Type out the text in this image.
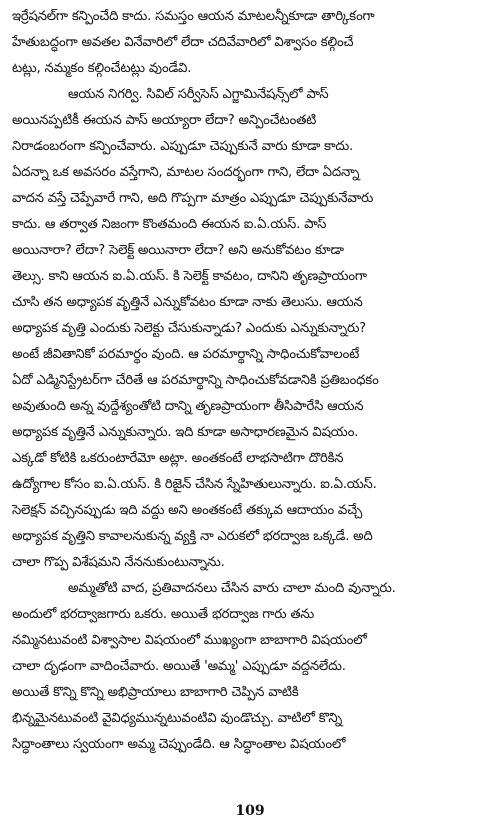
ఇర్రేషనల్‌గా కన్పించేది కాదు. సమస్తం ఆయన మాటలన్నీకూడా తార్కికంగా
హేతుబద్ధంగా అవతల వినేవారిలో లేదా చదివేవారిలో విశ్వాసం కల్గించే
టట్లు, నమ్మకం కల్గించేటట్లు వుండేవి.
ఆయన నిగర్వి. సివిల్ సర్వీసెస్ ఎగ్జామినేషన్స్‌లో పాస్
అయినప్పటికీ ఈయన పాస్ అయ్యారా లేదా? అన్పించేటంతటి
నిరాడంబరంగా కన్పించేవారు. ఎప్పుడూ చెప్పుకునే వారు కూడా కాదు.
ఏదన్నా ఒక అవసరం వస్తేగాని, మాటల సందర్భంగా గాని, లేదా ఏదన్నా
వాదన వస్తే చెప్పేవారే గాని, అది గొప్పగా మాత్రం ఎప్పుడూ చెప్పుకునేవారు
కాదు. ఆ తర్వాత నిజంగా కొంతమంది ఈయన ఐ.ఏ.యస్. పాస్
అయినారా? లేదా? సెలెక్ట్ అయినారా లేదా? అని అనుకోవటం కూడా
తెల్సు. కాని ఆయన ఐ.ఏ.యస్. కి సెలెక్ట్ కావటం, దానిని తృణప్రాయంగా
చూసి తన అధ్యాపక వృత్తినే ఎన్నుకోవటం కూడా నాకు తెలుసు. ఆయన
అధ్యాపక వృత్తి ఎందుకు సెలెక్టు చేసుకున్నాడు? ఎందుకు ఎన్నుకున్నారు?
అంటే జీవితానికో పరమార్థం వుంది. ఆ పరమార్థాన్ని సాధించుకోవాలంటే
ఏదో ఎడ్మినిస్ట్రేటర్‌గా చేరితే ఆ పరమార్థాన్ని సాధించుకోవడానికి ప్రతిబంధకం
అవుతుంది అన్న వుద్దేశ్యంతోటి దాన్ని తృణప్రాయంగా తీసిపారేసి ఆయన
అధ్యాపక వృత్తినే ఎన్నుకున్నారు. ఇది కూడా అసాధారణమైన విషయం.
ఎక్కడో కోటికి ఒకరుంటారేమో అట్లా. అంతకంటే లాభసాటిగా దొరికిన
ఉద్యోగాల కోసం ఐ.ఏ.యస్. కి రిజైన్ చేసిన స్నేహితులున్నారు. ఐ.ఏ.యస్.
సెలెక్షన్ వచ్చినప్పుడు ఇది వద్దు అని అంతకంటే తక్కువ ఆదాయం వచ్చే
అధ్యాపక వృత్తిని కావాలనుకున్న వ్యక్తి నా ఎరుకలో భరద్వాజ ఒక్కడే. అది
చాలా గొప్ప విశేషమని నేననుకుంటున్నాను.
అమ్మతోటి వాద, ప్రతివాదనలు చేసిన వారు చాలా మంది వున్నారు.
అందులో భరద్వాజగారు ఒకరు. అయితే భరద్వాజ గారు తను
నమ్మినటువంటి విశ్వాసాల విషయంలో ముఖ్యంగా బాబాగారి విషయంలో
చాలా దృఢంగా వాదించేవారు. అయితే 'అమ్మ' ఎప్పుడూ వద్దనలేదు.
అయితే కొన్ని కొన్ని అభిప్రాయాలు బాబాగారి చెప్పిన వాటికి
భిన్నమైనటువంటి వైవిధ్యమున్నటువంటివి వుండొచ్చు. వాటిలో కొన్ని
సిద్ధాంతాలు స్వయంగా అమ్మ చెప్పుండేది. ఆ సిద్ధాంతాల విషయంలో
109
